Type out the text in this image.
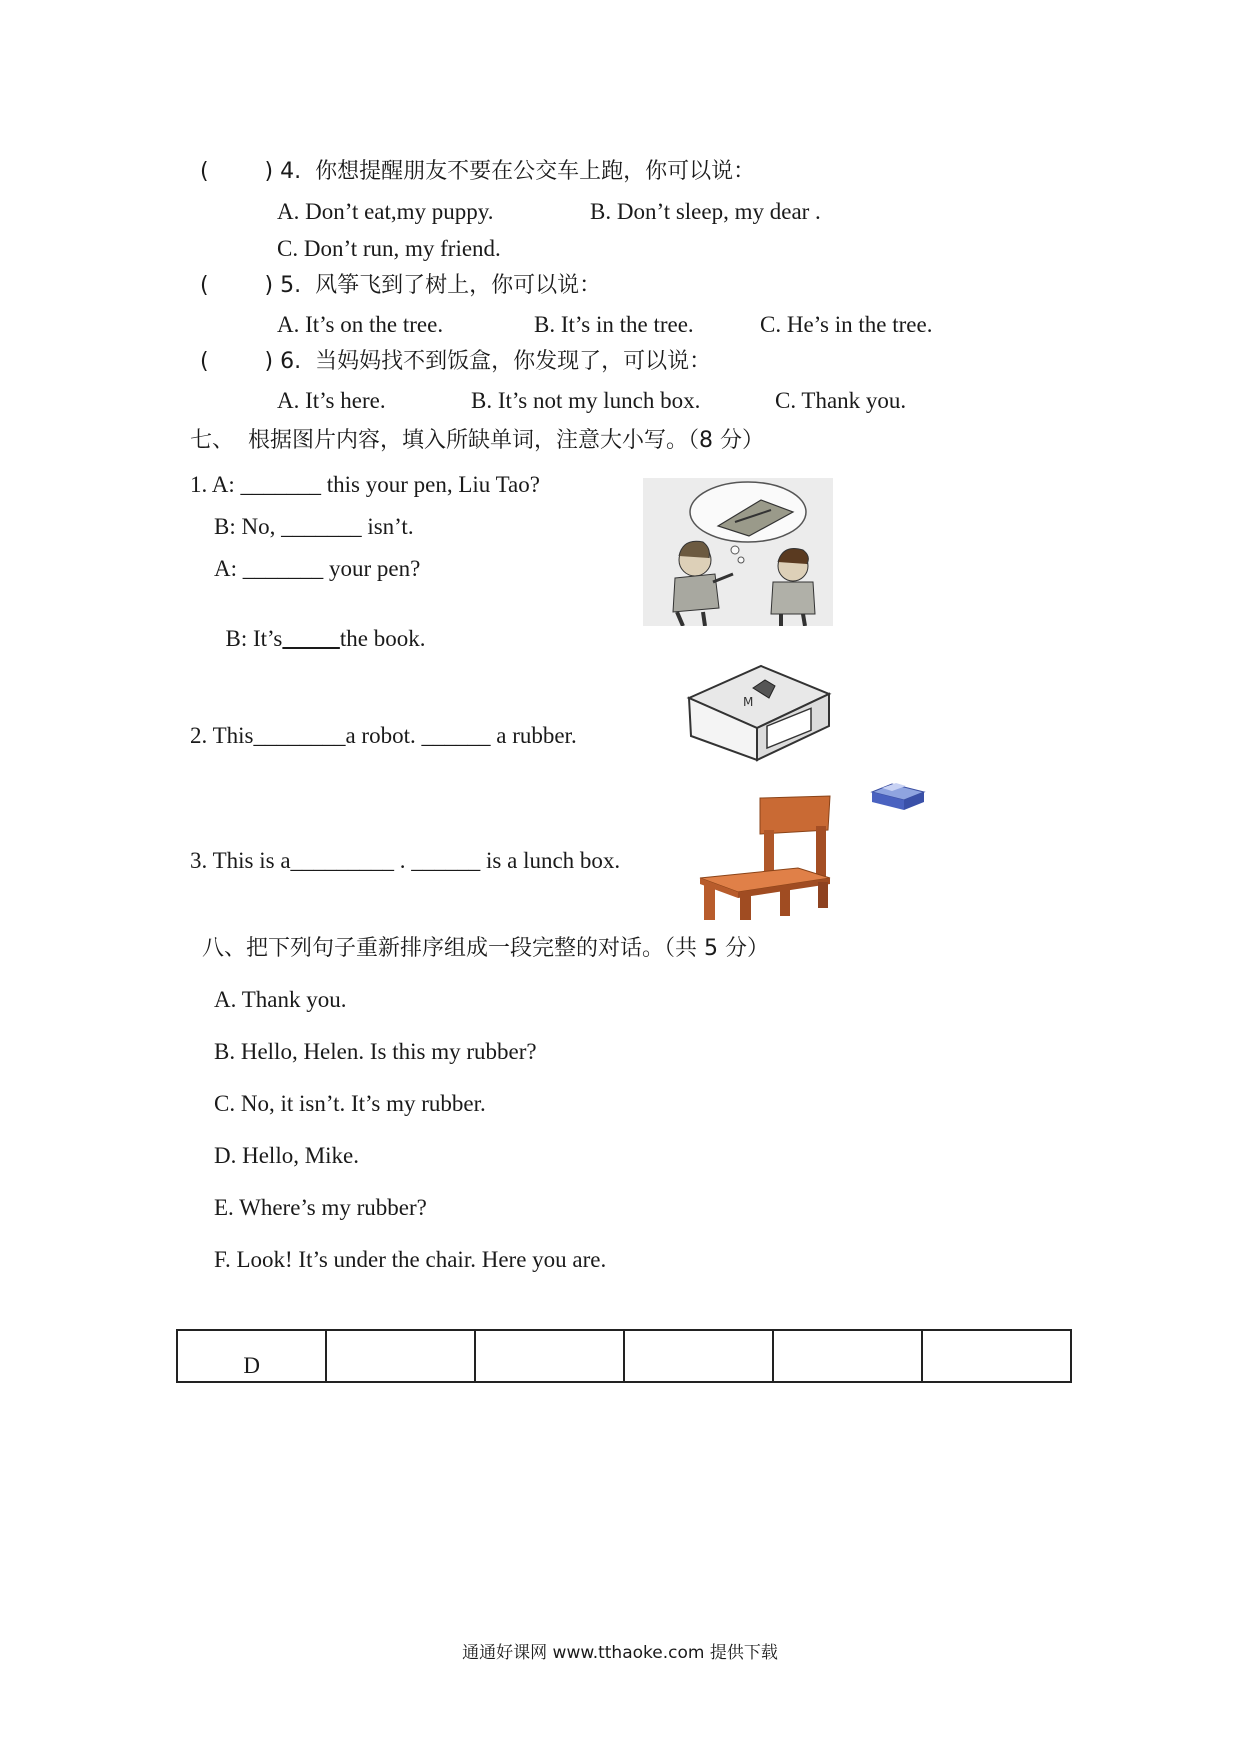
(        ) 4.  你想提醒朋友不要在公交车上跑，你可以说：
A. Don’t eat,my puppy.	B. Don’t sleep, my dear .
C. Don’t run, my friend.
(        ) 5.  风筝飞到了树上，你可以说：
A. It’s on the tree.	B. It’s in the tree.	C. He’s in the tree.
(        ) 6.  当妈妈找不到饭盒，你发现了，可以说：
A. It’s here.	B. It’s not my lunch box.	C. Thank you.
七、  根据图片内容，填入所缺单词，注意大小写。（8 分）
1. A: _______ this your pen, Liu Tao?
B: No, _______ isn’t.
A: _______ your pen?

B: It’s	the book.

2. This________a robot. ______ a rubber.
M
3. This is a_________ . ______ is a lunch box.
八、把下列句子重新排序组成一段完整的对话。（共 5 分）
A. Thank you.
B. Hello, Helen. Is this my rubber?
C. No, it isn’t. It’s my rubber.
D. Hello, Mike.
E. Where’s my rubber?
F. Look! It’s under the chair. Here you are.
D					
通通好课网 www.tthaoke.com 提供下载
